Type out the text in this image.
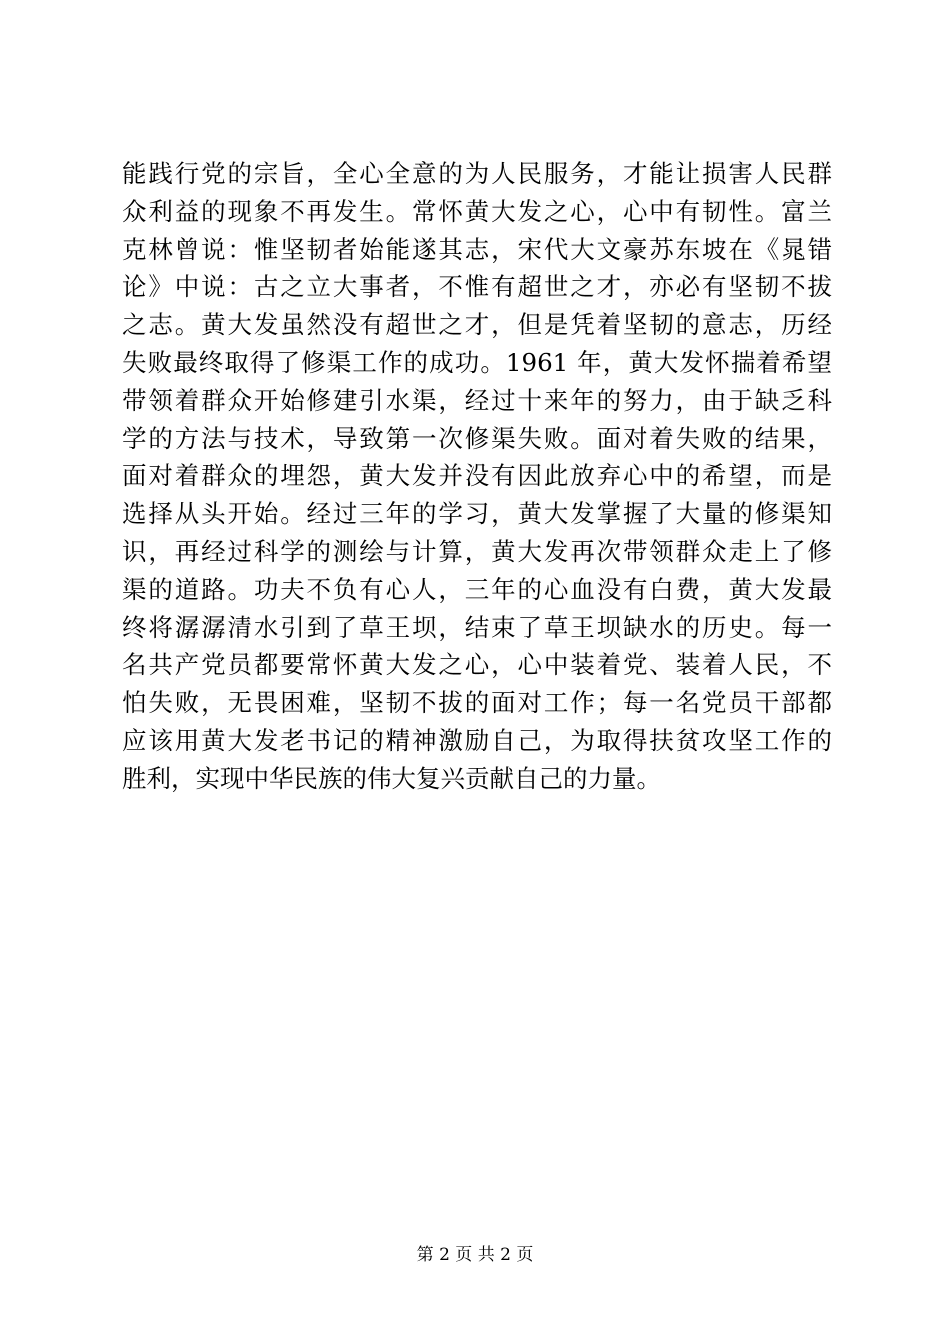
能践行党的宗旨，全心全意的为人民服务，才能让损害人民群
众利益的现象不再发生。常怀黄大发之心，心中有韧性。富兰
克林曾说：惟坚韧者始能遂其志，宋代大文豪苏东坡在《晁错
论》中说：古之立大事者，不惟有超世之才，亦必有坚韧不拔
之志。黄大发虽然没有超世之才，但是凭着坚韧的意志，历经
失败最终取得了修渠工作的成功。1961 年，黄大发怀揣着希望
带领着群众开始修建引水渠，经过十来年的努力，由于缺乏科
学的方法与技术，导致第一次修渠失败。面对着失败的结果，
面对着群众的埋怨，黄大发并没有因此放弃心中的希望，而是
选择从头开始。经过三年的学习，黄大发掌握了大量的修渠知
识，再经过科学的测绘与计算，黄大发再次带领群众走上了修
渠的道路。功夫不负有心人，三年的心血没有白费，黄大发最
终将潺潺清水引到了草王坝，结束了草王坝缺水的历史。每一
名共产党员都要常怀黄大发之心，心中装着党、装着人民，不
怕失败，无畏困难，坚韧不拔的面对工作；每一名党员干部都
应该用黄大发老书记的精神激励自己，为取得扶贫攻坚工作的
胜利，实现中华民族的伟大复兴贡献自己的力量。
第 2 页 共 2 页
